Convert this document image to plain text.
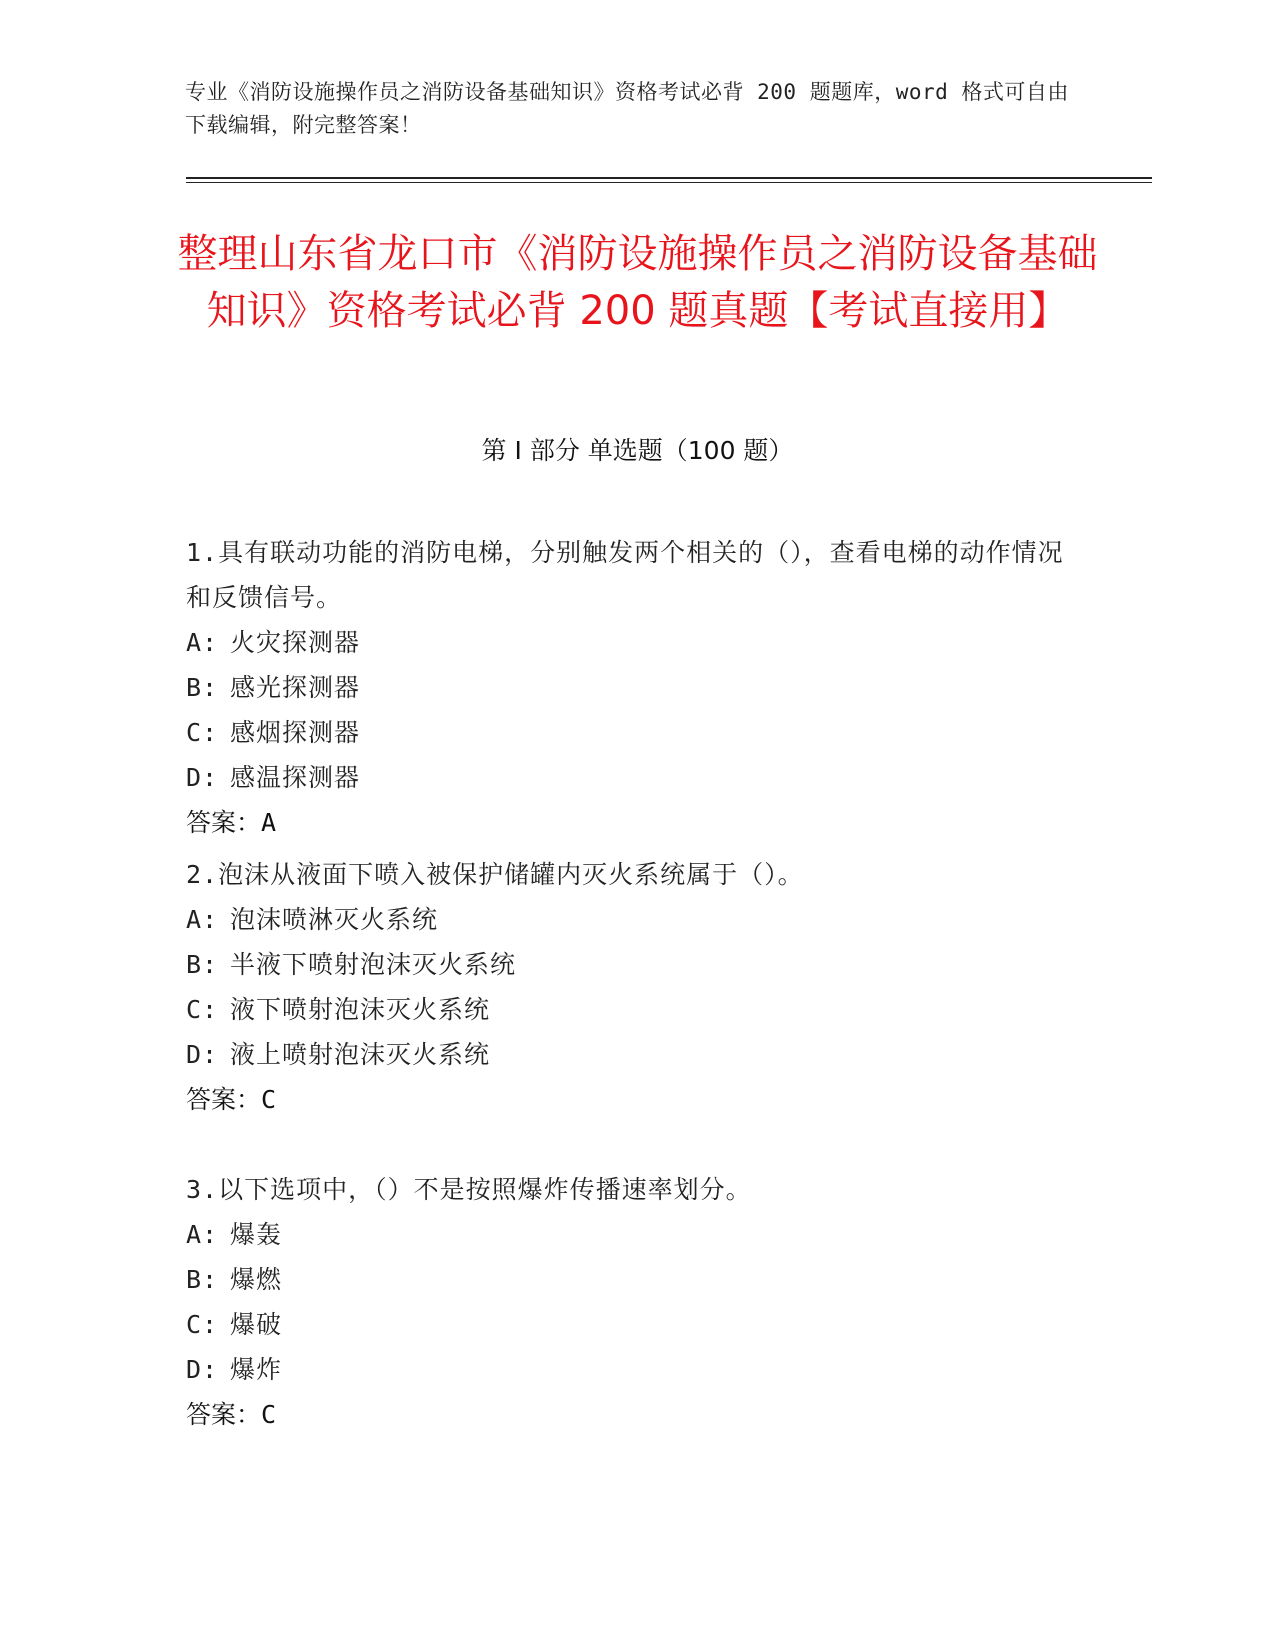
专业《消防设施操作员之消防设备基础知识》资格考试必背 200 题题库，word 格式可自由下载编辑，附完整答案！
整理山东省龙口市《消防设施操作员之消防设备基础知识》资格考试必背 200 题真题【考试直接用】
第 I 部分 单选题（100 题）

1.具有联动功能的消防电梯，分别触发两个相关的（），查看电梯的动作情况和反馈信号。

A: 火灾探测器

B: 感光探测器

C: 感烟探测器

D: 感温探测器

答案：A

2.泡沫从液面下喷入被保护储罐内灭火系统属于（）。

A: 泡沫喷淋灭火系统

B: 半液下喷射泡沫灭火系统

C: 液下喷射泡沫灭火系统

D: 液上喷射泡沫灭火系统

答案：C

3.以下选项中，（）不是按照爆炸传播速率划分。

A: 爆轰

B: 爆燃

C: 爆破

D: 爆炸

答案：C
